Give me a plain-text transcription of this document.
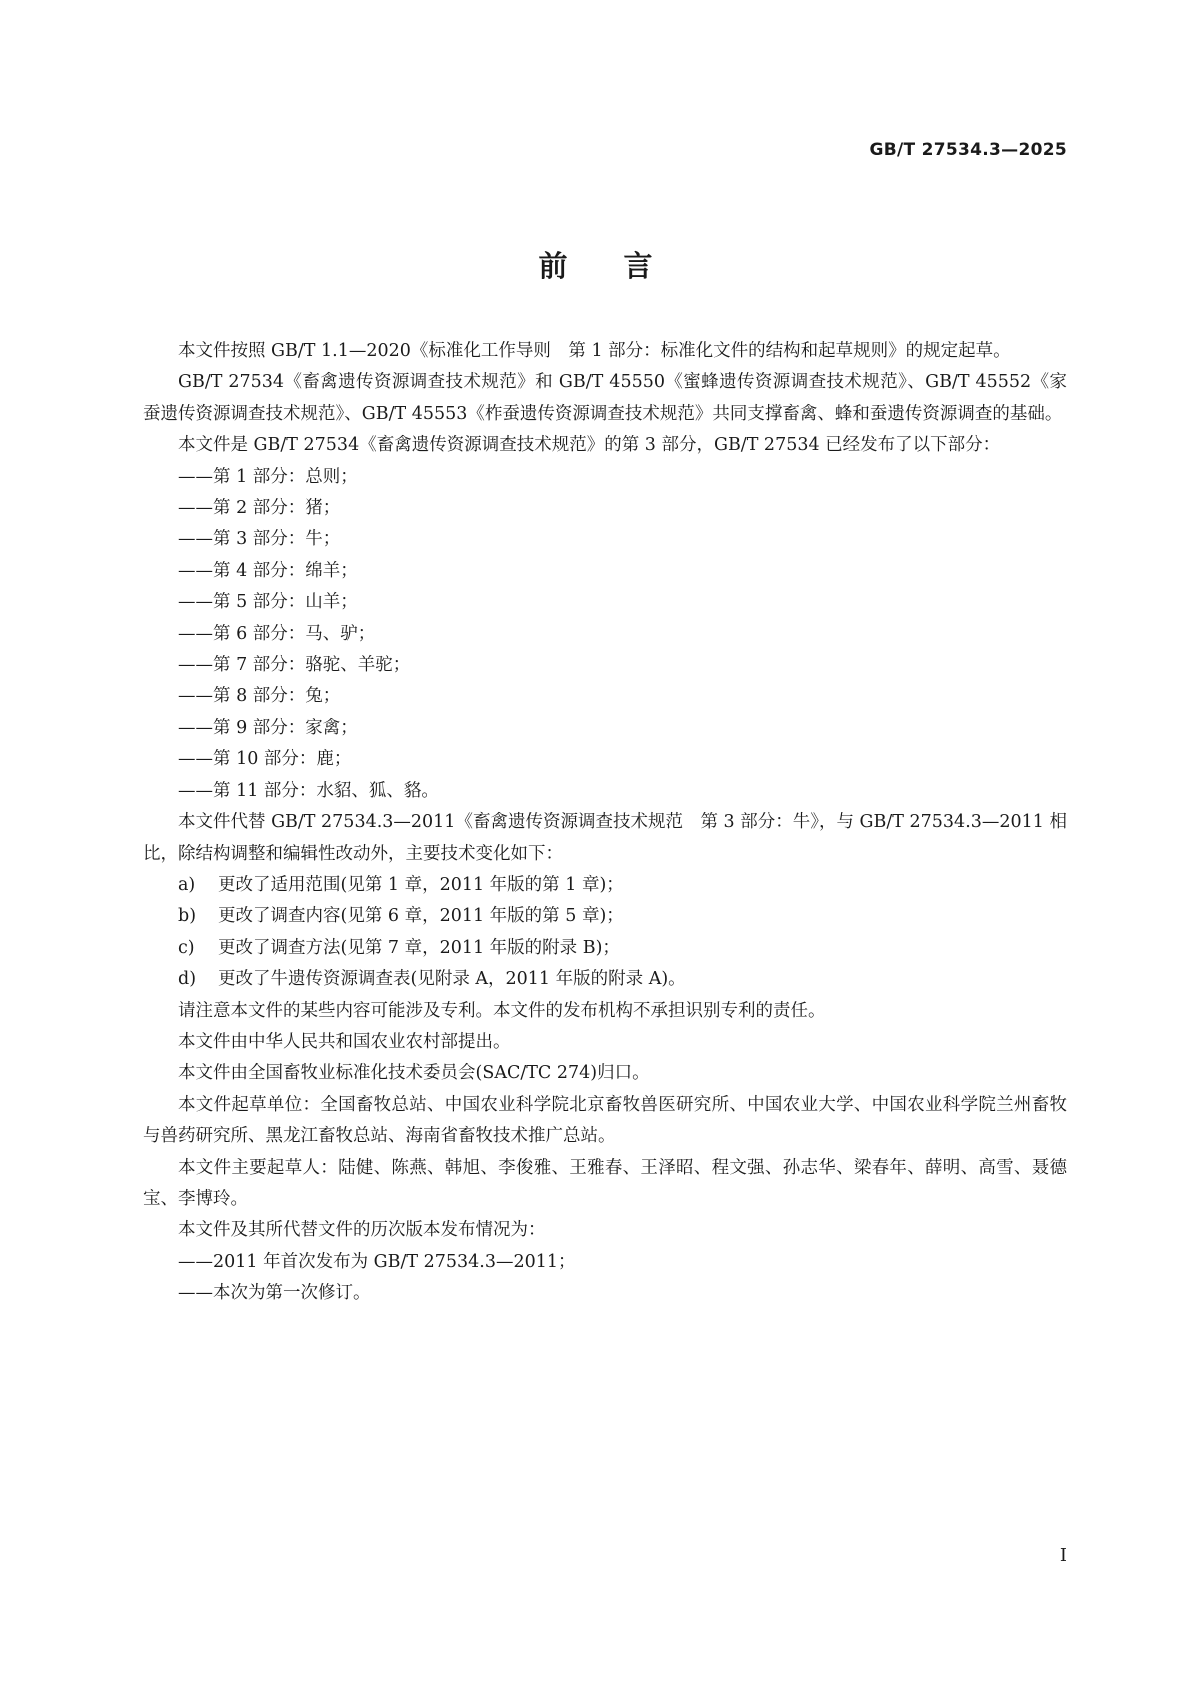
GB/T 27534.3—2025
前 言

本文件按照 GB/T 1.1—2020《标准化工作导则　第 1 部分：标准化文件的结构和起草规则》的规定起草。

GB/T 27534《畜禽遗传资源调查技术规范》和 GB/T 45550《蜜蜂遗传资源调查技术规范》、GB/T 45552《家蚕遗传资源调查技术规范》、GB/T 45553《柞蚕遗传资源调查技术规范》共同支撑畜禽、蜂和蚕遗传资源调查的基础。

本文件是 GB/T 27534《畜禽遗传资源调查技术规范》的第 3 部分，GB/T 27534 已经发布了以下部分：

——第 1 部分：总则；

——第 2 部分：猪；

——第 3 部分：牛；

——第 4 部分：绵羊；

——第 5 部分：山羊；

——第 6 部分：马、驴；

——第 7 部分：骆驼、羊驼；

——第 8 部分：兔；

——第 9 部分：家禽；

——第 10 部分：鹿；

——第 11 部分：水貂、狐、貉。

本文件代替 GB/T 27534.3—2011《畜禽遗传资源调查技术规范　第 3 部分：牛》，与 GB/T 27534.3—2011 相比，除结构调整和编辑性改动外，主要技术变化如下：

a) 更改了适用范围(见第 1 章，2011 年版的第 1 章)；

b) 更改了调查内容(见第 6 章，2011 年版的第 5 章)；

c) 更改了调查方法(见第 7 章，2011 年版的附录 B)；

d) 更改了牛遗传资源调查表(见附录 A，2011 年版的附录 A)。

请注意本文件的某些内容可能涉及专利。本文件的发布机构不承担识别专利的责任。

本文件由中华人民共和国农业农村部提出。

本文件由全国畜牧业标准化技术委员会(SAC/TC 274)归口。

本文件起草单位：全国畜牧总站、中国农业科学院北京畜牧兽医研究所、中国农业大学、中国农业科学院兰州畜牧与兽药研究所、黑龙江畜牧总站、海南省畜牧技术推广总站。

本文件主要起草人：陆健、陈燕、韩旭、李俊雅、王雅春、王泽昭、程文强、孙志华、梁春年、薛明、高雪、聂德宝、李博玲。

本文件及其所代替文件的历次版本发布情况为：

——2011 年首次发布为 GB/T 27534.3—2011；

——本次为第一次修订。

I
